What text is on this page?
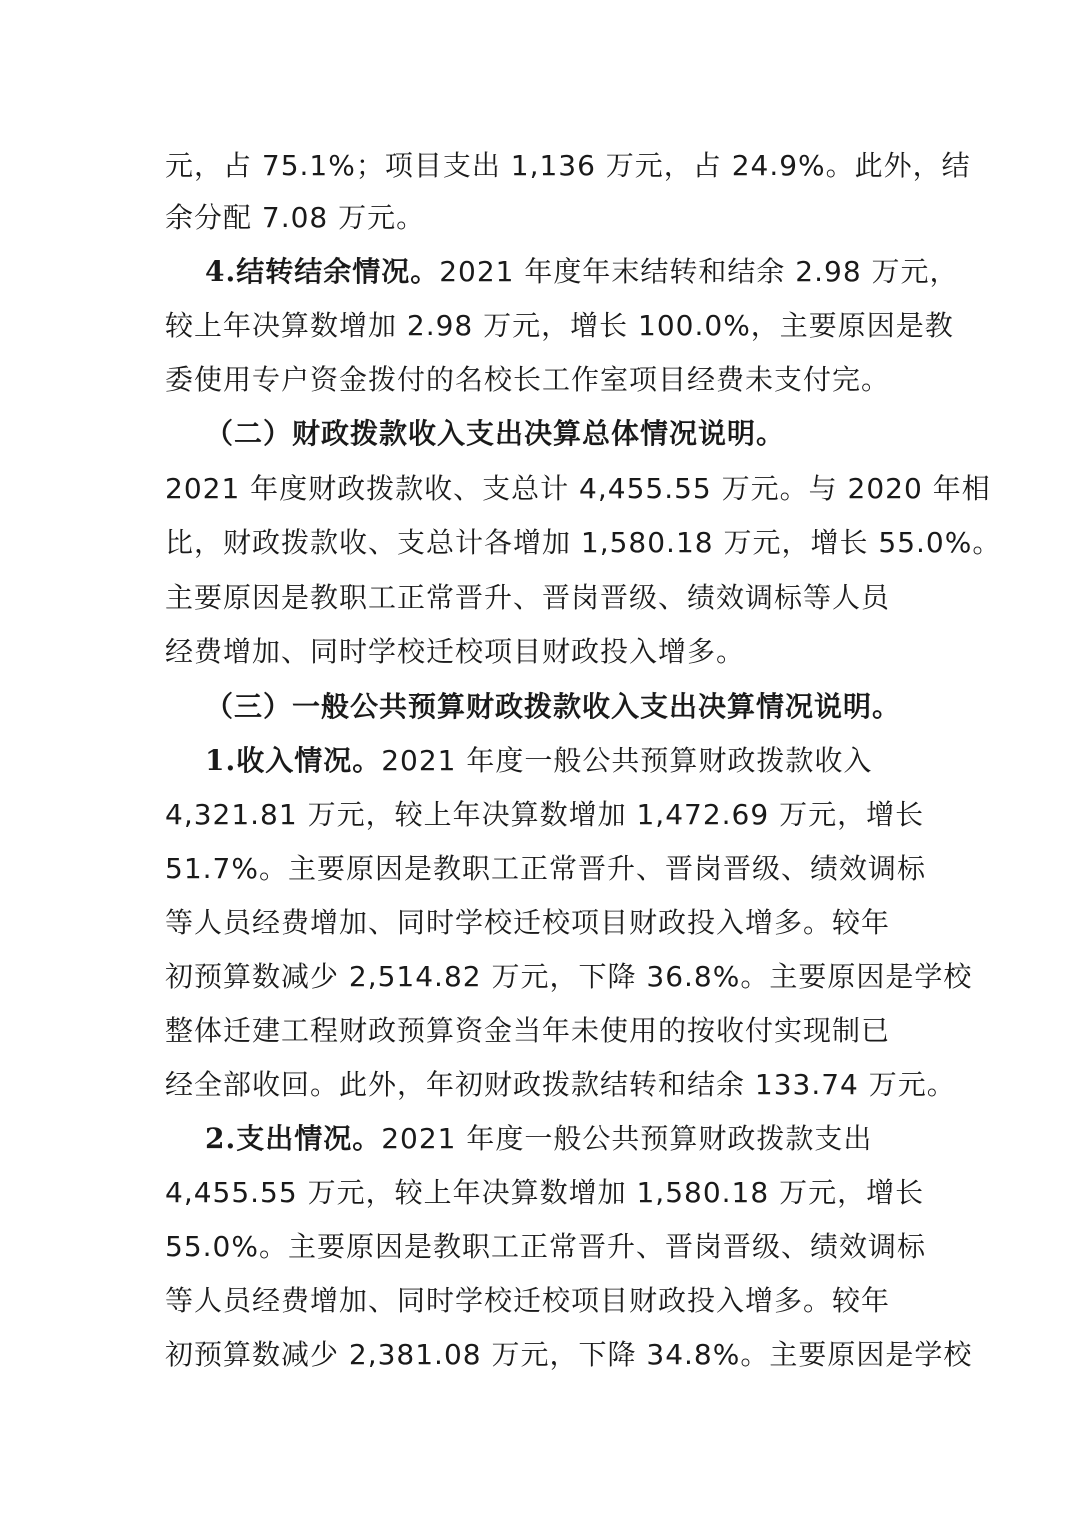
元，占 75.1%；项目支出 1,136 万元，占 24.9%。此外，结
余分配 7.08 万元。
4.结转结余情况。2021 年度年末结转和结余 2.98 万元，
较上年决算数增加 2.98 万元，增长 100.0%，主要原因是教
委使用专户资金拨付的名校长工作室项目经费未支付完。
（二）财政拨款收入支出决算总体情况说明。
2021 年度财政拨款收、支总计 4,455.55 万元。与 2020 年相
比，财政拨款收、支总计各增加 1,580.18 万元，增长 55.0%。
主要原因是教职工正常晋升、晋岗晋级、绩效调标等人员
经费增加、同时学校迁校项目财政投入增多。
（三）一般公共预算财政拨款收入支出决算情况说明。
1.收入情况。2021 年度一般公共预算财政拨款收入
4,321.81 万元，较上年决算数增加 1,472.69 万元，增长
51.7%。主要原因是教职工正常晋升、晋岗晋级、绩效调标
等人员经费增加、同时学校迁校项目财政投入增多。较年
初预算数减少 2,514.82 万元，下降 36.8%。主要原因是学校
整体迁建工程财政预算资金当年未使用的按收付实现制已
经全部收回。此外，年初财政拨款结转和结余 133.74 万元。
2.支出情况。2021 年度一般公共预算财政拨款支出
4,455.55 万元，较上年决算数增加 1,580.18 万元，增长
55.0%。主要原因是教职工正常晋升、晋岗晋级、绩效调标
等人员经费增加、同时学校迁校项目财政投入增多。较年
初预算数减少 2,381.08 万元，下降 34.8%。主要原因是学校
